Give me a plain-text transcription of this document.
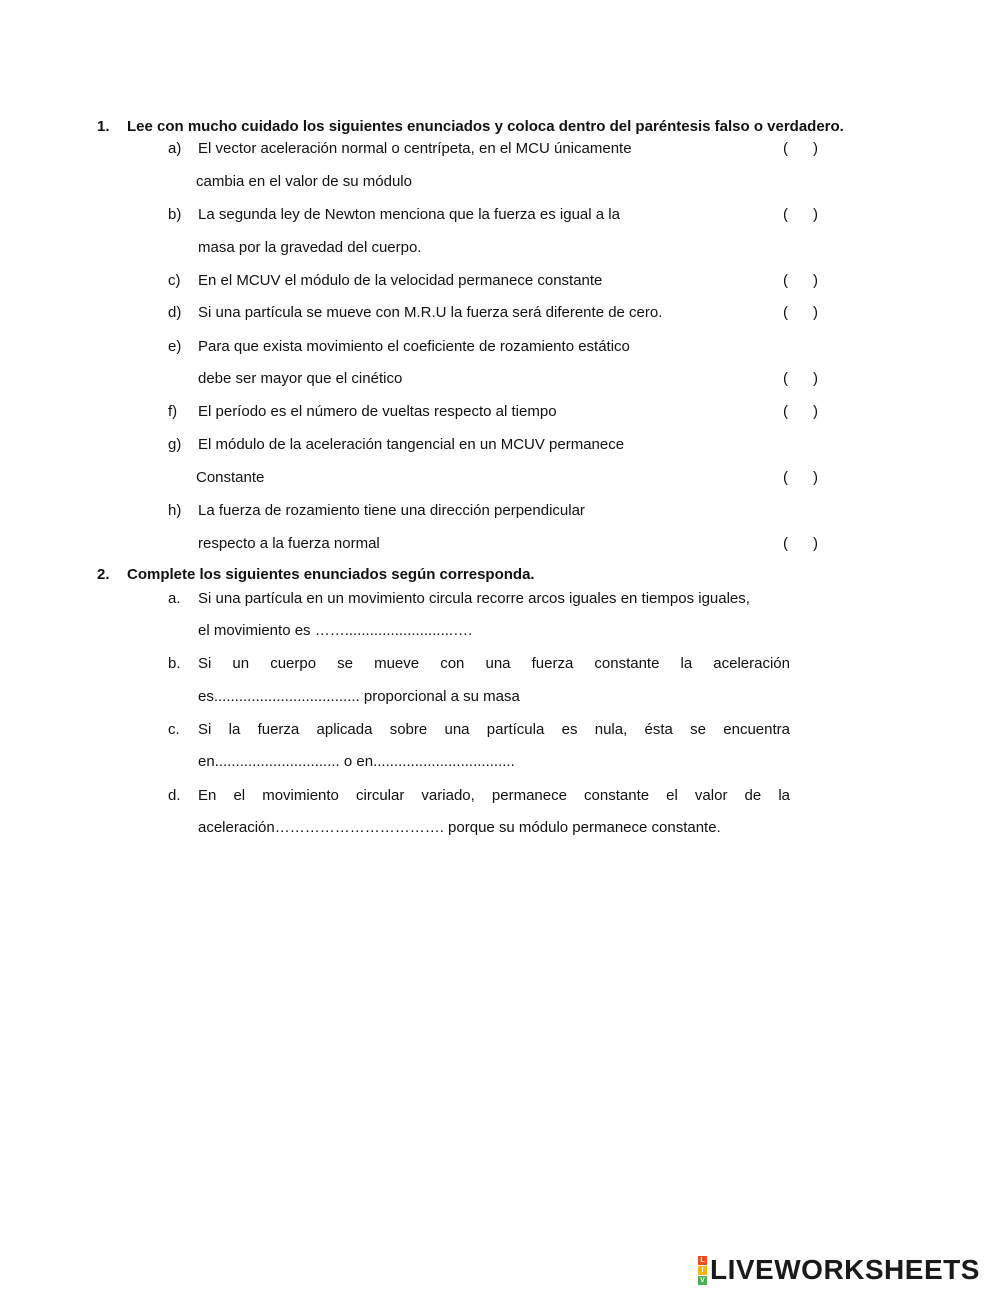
1. Lee con mucho cuidado los siguientes enunciados y coloca dentro del paréntesis falso o verdadero.
a) El vector aceleración normal o centrípeta, en el MCU únicamente	(      )
cambia en el valor de su módulo
b) La segunda ley de Newton menciona que la fuerza es igual a la	(      )
masa por la gravedad del cuerpo.
c) En el MCUV el módulo de la velocidad permanece constante	(      )
d) Si una partícula se mueve con M.R.U la fuerza será diferente de cero.	(      )
e) Para que exista movimiento el coeficiente de rozamiento estático
debe ser mayor que el cinético	(      )
f) El período es el número de vueltas respecto al tiempo	(      )
g) El módulo de la aceleración tangencial en un MCUV permanece
Constante	(      )
h) La fuerza de rozamiento tiene una dirección perpendicular
respecto a la fuerza normal	(      )
2. Complete los siguientes enunciados según corresponda.
a. Si una partícula en un movimiento circula recorre arcos iguales en tiempos iguales,
el movimiento es ……..........................….
b. Si un cuerpo se mueve con una fuerza constante la aceleración
es................................... proporcional a su masa
c. Si la fuerza aplicada sobre una partícula es nula, ésta se encuentra
en.............................. o en..................................
d. En el movimiento circular variado, permanece constante el valor de la
aceleración……………………………. porque su módulo permanece constante.
L
I
V LIVEWORKSHEETS
